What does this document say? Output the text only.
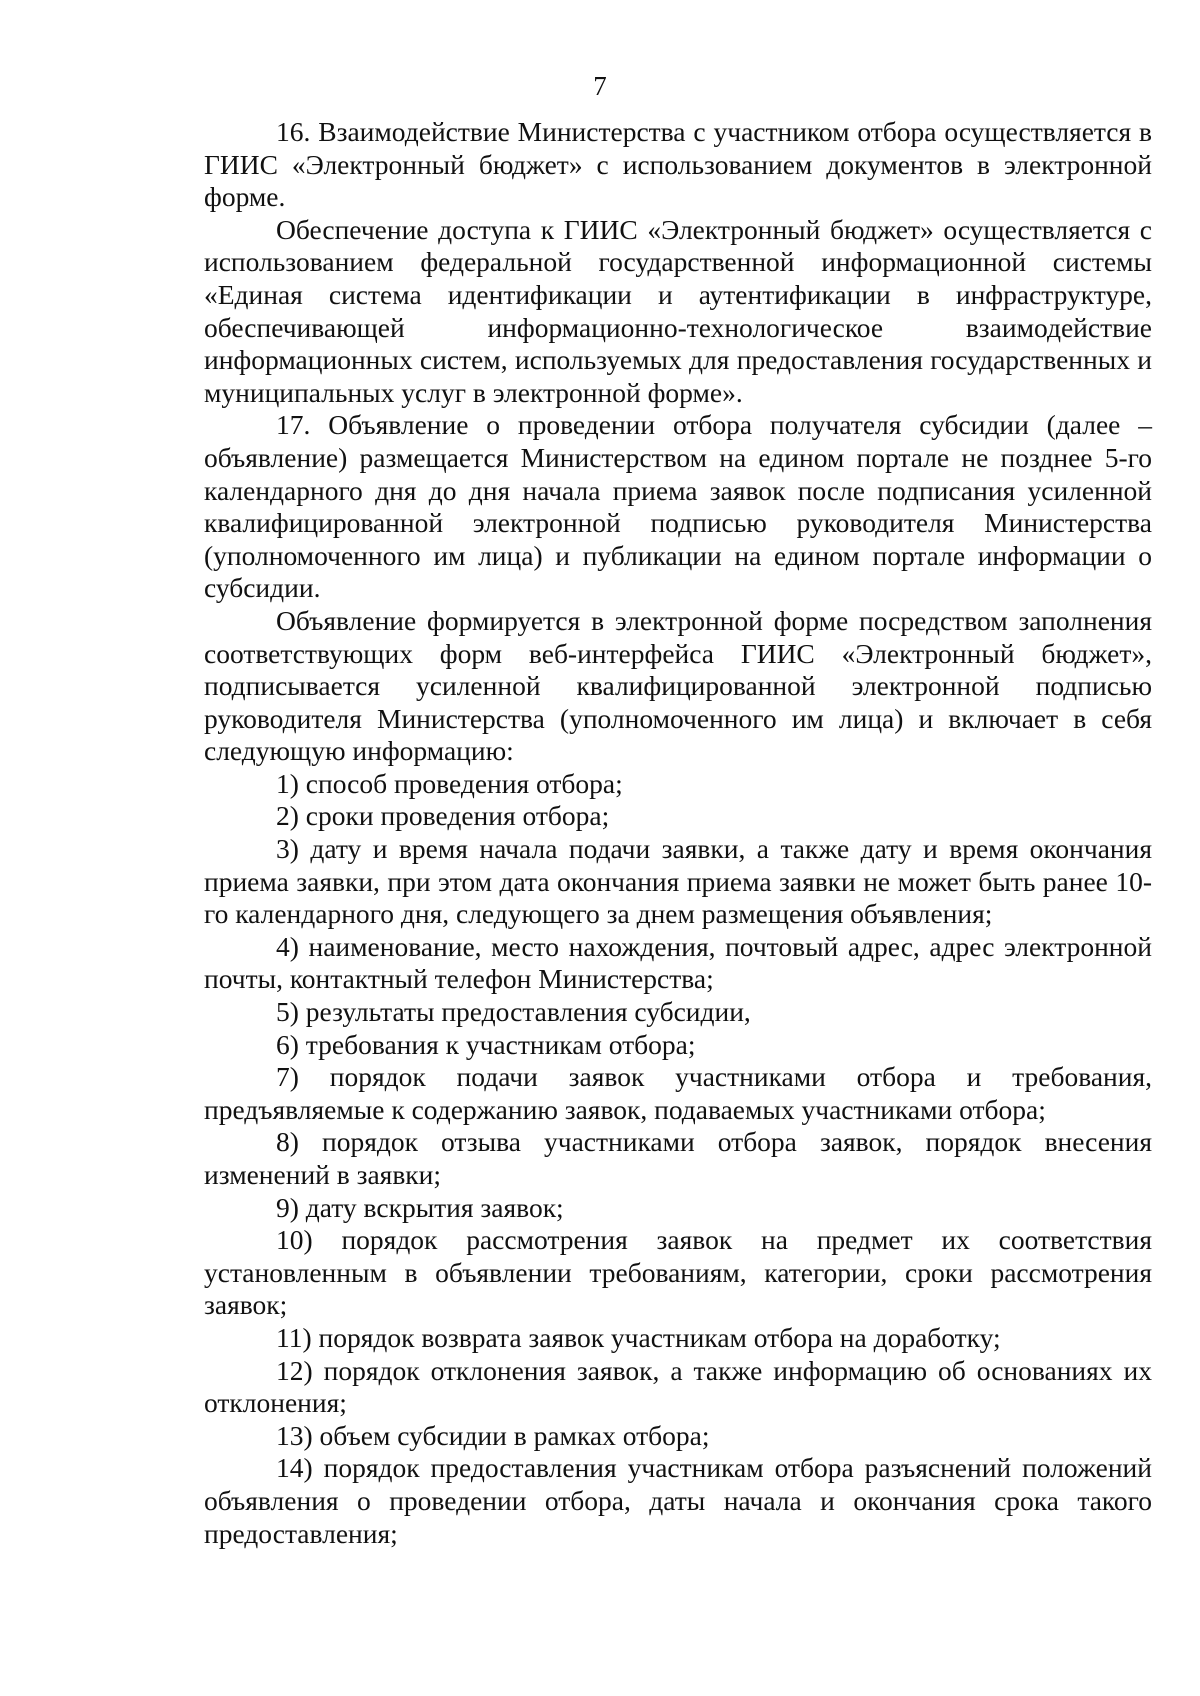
7

16. Взаимодействие Министерства с участником отбора осуществляется в ГИИС «Электронный бюджет» с использованием документов в электронной форме.

Обеспечение доступа к ГИИС «Электронный бюджет» осуществляется с использованием федеральной государственной информационной системы «Единая система идентификации и аутентификации в инфраструктуре, обеспечивающей информационно-технологическое взаимодействие информационных систем, используемых для предоставления государственных и муниципальных услуг в электронной форме».

17. Объявление о проведении отбора получателя субсидии (далее – объявление) размещается Министерством на едином портале не позднее 5-го календарного дня до дня начала приема заявок после подписания усиленной квалифицированной электронной подписью руководителя Министерства (уполномоченного им лица) и публикации на едином портале информации о субсидии.

Объявление формируется в электронной форме посредством заполнения соответствующих форм веб-интерфейса ГИИС «Электронный бюджет», подписывается усиленной квалифицированной электронной подписью руководителя Министерства (уполномоченного им лица) и включает в себя следующую информацию:

1) способ проведения отбора;

2) сроки проведения отбора;

3) дату и время начала подачи заявки, а также дату и время окончания приема заявки, при этом дата окончания приема заявки не может быть ранее 10-го календарного дня, следующего за днем размещения объявления;

4) наименование, место нахождения, почтовый адрес, адрес электронной почты, контактный телефон Министерства;

5) результаты предоставления субсидии,

6) требования к участникам отбора;

7) порядок подачи заявок участниками отбора и требования, предъявляемые к содержанию заявок, подаваемых участниками отбора;

8) порядок отзыва участниками отбора заявок, порядок внесения изменений в заявки;

9) дату вскрытия заявок;

10) порядок рассмотрения заявок на предмет их соответствия установленным в объявлении требованиям, категории, сроки рассмотрения заявок;

11) порядок возврата заявок участникам отбора на доработку;

12) порядок отклонения заявок, а также информацию об основаниях их отклонения;

13) объем субсидии в рамках отбора;

14) порядок предоставления участникам отбора разъяснений положений объявления о проведении отбора, даты начала и окончания срока такого предоставления;
